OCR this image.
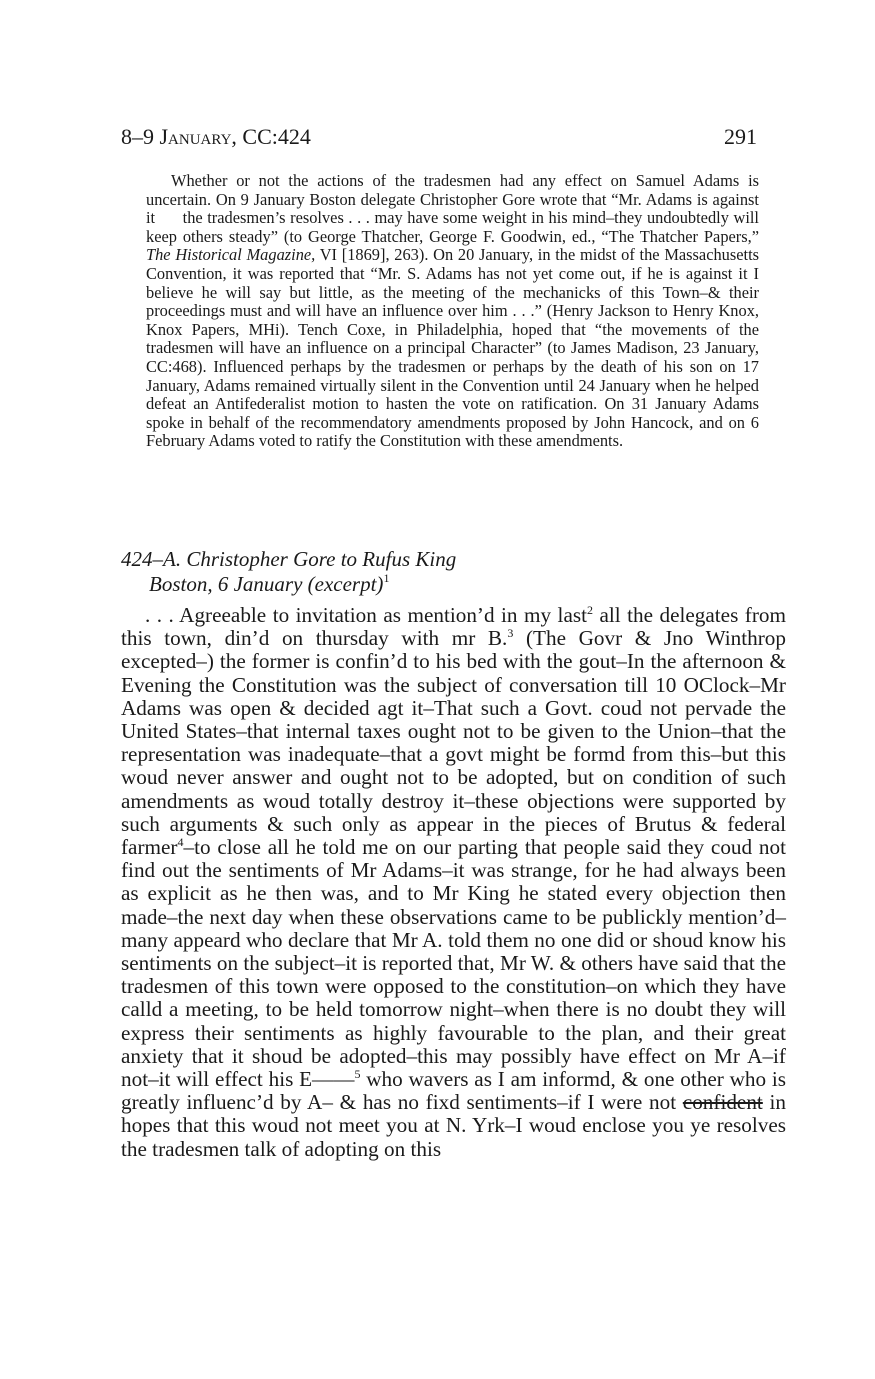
8–9 January, CC:424	291

Whether or not the actions of the tradesmen had any effect on Samuel Adams is uncertain. On 9 January Boston delegate Christopher Gore wrote that “Mr. Adams is against it the tradesmen’s resolves . . . may have some weight in his mind–they undoubtedly will keep others steady” (to George Thatcher, George F. Goodwin, ed., “The Thatcher Papers,” The Historical Magazine, VI [1869], 263). On 20 January, in the midst of the Massachusetts Convention, it was reported that “Mr. S. Adams has not yet come out, if he is against it I believe he will say but little, as the meeting of the mechanicks of this Town–& their proceedings must and will have an influence over him . . .” (Henry Jackson to Henry Knox, Knox Papers, MHi). Tench Coxe, in Philadelphia, hoped that “the movements of the tradesmen will have an influence on a principal Character” (to James Madison, 23 January, CC:468). Influenced perhaps by the tradesmen or perhaps by the death of his son on 17 January, Adams remained virtually silent in the Convention until 24 January when he helped defeat an Antifederalist motion to hasten the vote on ratification. On 31 January Adams spoke in behalf of the recommendatory amendments proposed by John Hancock, and on 6 February Adams voted to ratify the Constitution with these amendments.

424–A. Christopher Gore to Rufus King
Boston, 6 January (excerpt)$^1$

. . . Agreeable to invitation as mention’d in my last$^2$ all the delegates from this town, din’d on thursday with mr B.$^3$ (The Govr & Jno Winthrop excepted–) the former is confin’d to his bed with the gout–In the afternoon & Evening the Constitution was the subject of conversation till 10 OClock–Mr Adams was open & decided agt it–That such a Govt. coud not pervade the United States–that internal taxes ought not to be given to the Union–that the representation was inadequate–that a govt might be formd from this–but this woud never answer and ought not to be adopted, but on condition of such amendments as woud totally destroy it–these objections were supported by such arguments & such only as appear in the pieces of Brutus & federal farmer$^4$–to close all he told me on our parting that people said they coud not find out the sentiments of Mr Adams–it was strange, for he had always been as explicit as he then was, and to Mr King he stated every objection then made–the next day when these observations came to be publickly mention’d–many appeard who declare that Mr A. told them no one did or shoud know his sentiments on the subject–it is reported that, Mr W. & others have said that the tradesmen of this town were opposed to the constitution–on which they have calld a meeting, to be held tomorrow night–when there is no doubt they will express their sentiments as highly favourable to the plan, and their great anxiety that it shoud be adopted–this may possibly have effect on Mr A–if not–it will effect his E——$^5$ who wavers as I am informd, & one other who is greatly influenc’d by A– & has no fixd sentiments–if I were not confident in hopes that this woud not meet you at N. Yrk–I woud enclose you ye resolves the tradesmen talk of adopting on this
